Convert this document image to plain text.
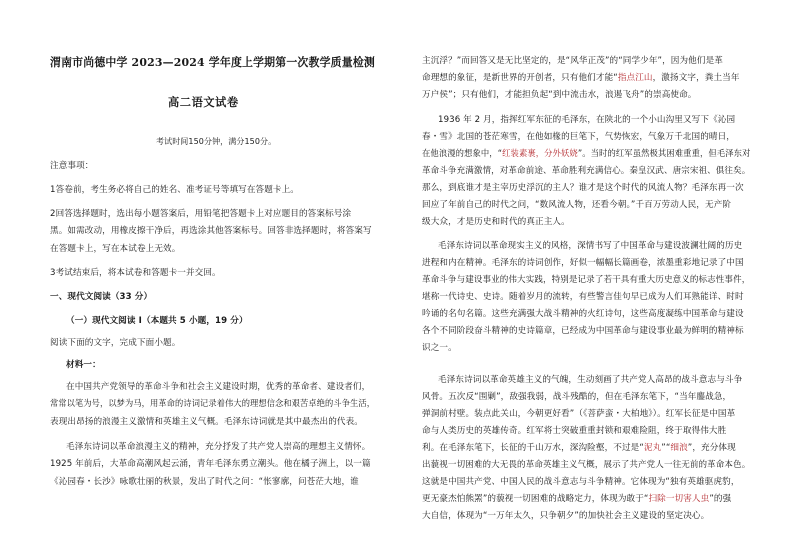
渭南市尚德中学 2023—2024 学年度上学期第一次教学质量检测
高二语文试卷
考试时间150分钟，满分150分。
注意事项：
1答卷前，考生务必将自己的姓名、准考证号等填写在答题卡上。
2回答选择题时，选出每小题答案后，用铅笔把答题卡上对应题目的答案标号涂
黑。如需改动，用橡皮擦干净后，再选涂其他答案标号。回答非选择题时，将答案写
在答题卡上，写在本试卷上无效。
3考试结束后，将本试卷和答题卡一并交回。
一、现代文阅读（33 分）
（一）现代文阅读 I（本题共 5 小题，19 分）
阅读下面的文字，完成下面小题。
材料一：
在中国共产党领导的革命斗争和社会主义建设时期，优秀的革命者、建设者们，
常常以笔为号，以梦为马，用革命的诗词记录着伟大的理想信念和艰苦卓绝的斗争生活，
表现出昂扬的浪漫主义激情和英雄主义气概。毛泽东诗词就是其中最杰出的代表。
毛泽东诗词以革命浪漫主义的精神，充分抒发了共产党人崇高的理想主义情怀。
1925 年前后，大革命高潮风起云涌，青年毛泽东勇立潮头。他在橘子洲上，以一篇
《沁园春・长沙》咏歌壮丽的秋景，发出了时代之问：“怅寥廓，问苍茫大地，谁
主沉浮？”而回答又是无比坚定的，是“风华正茂”的“同学少年”，因为他们是革
命理想的象征，是新世界的开创者，只有他们才能“指点江山，激扬文字，粪土当年
万户侯”；只有他们，才能担负起“到中流击水，浪遏飞舟”的崇高使命。
1936 年 2 月，指挥红军东征的毛泽东，在陕北的一个小山沟里又写下《沁园
春・雪》北国的苍茫寒雪，在他如椽的巨笔下，气势恢宏，气象万千北国的晴日，
在他浪漫的想象中，“红装素裹，分外妖娆”。当时的红军虽然极其困难重重，但毛泽东对
革命斗争充满激情，对革命前途、革命胜利充满信心。秦皇汉武、唐宗宋祖、俱往矣。
那么，到底谁才是主宰历史浮沉的主人？谁才是这个时代的风流人物？毛泽东再一次
回应了年前自己的时代之问，“数风流人物，还看今朝。”千百万劳动人民，无产阶
级大众，才是历史和时代的真正主人。
毛泽东诗词以革命现实主义的风格，深情书写了中国革命与建设波澜壮阔的历史
进程和内在精神。毛泽东的诗词创作，好似一幅幅长篇画卷，浓墨重彩地记录了中国
革命斗争与建设事业的伟大实践，特别是记录了若干具有重大历史意义的标志性事件，
堪称一代诗史、史诗。随着岁月的流转，有些警言佳句早已成为人们耳熟能详、时时
吟诵的名句名篇。这些充满强大战斗精神的火红诗句，这些高度凝练中国革命与建设
各个不同阶段奋斗精神的史诗篇章，已经成为中国革命与建设事业最为鲜明的精神标
识之一。
毛泽东诗词以革命英雄主义的气魄，生动刻画了共产党人高昂的战斗意志与斗争
风骨。五次反“围剿”，敌强我弱，战斗残酷的，但在毛泽东笔下，“当年鏖战急，
弹洞前村壁。装点此关山，今朝更好看”（《菩萨蛮・大柏地》）。红军长征是中国革
命与人类历史的英雄传奇。红军将士突破重重封锁和艰难险阻，终于取得伟大胜
利。在毛泽东笔下，长征的千山万水，深沟险壑，不过是“泥丸”“细浪”，充分体现
出藐视一切困难的大无畏的革命英雄主义气概，展示了共产党人一往无前的革命本色。
这就是中国共产党、中国人民的战斗意志与斗争精神。它体现为“独有英雄驱虎豹，
更无豪杰怕熊罴”的藐视一切困难的战略定力，体现为敢于“扫除一切害人虫”的强
大自信，体现为“一万年太久，只争朝夕”的加快社会主义建设的坚定决心。
